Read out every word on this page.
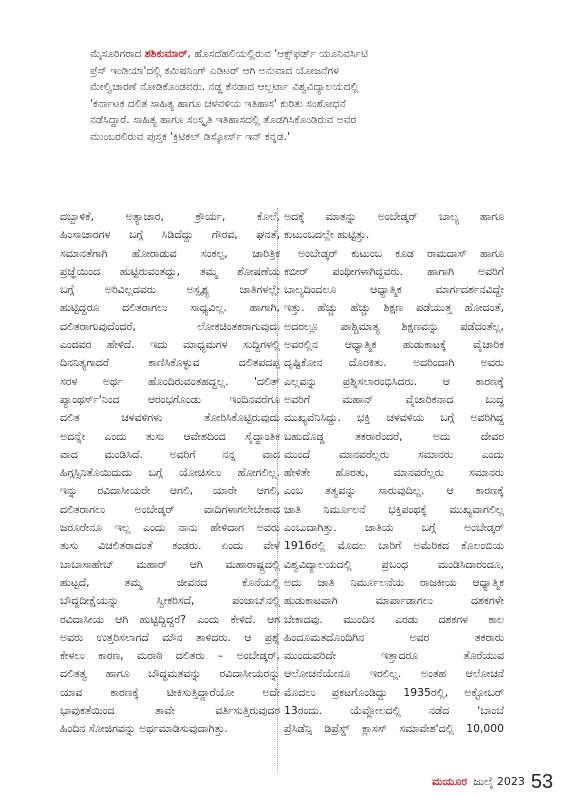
ಮೈಸೂರಿಗರಾದ ಶಶಿಕುಮಾರ್, ಹೊಸದೆಹಲಿಯಲ್ಲಿರುವ 'ಆಕ್ಸ್‌ಫರ್ಡ್ ಯೂನಿವರ್ಸಿಟಿ
ಪ್ರೆಸ್ ಇಂಡಿಯಾ'ದಲ್ಲಿ ಕಮಿಷನಿಂಗ್ ಎಡಿಟರ್ ಆಗಿ ಅನುವಾದ ಯೋಜನೆಗಳ
ಮೇಲ್ವಿಚಾರಣೆ ನೋಡಿಕೊಂಡವರು. ನಡ್ಡ ಕೆನಡಾದ ಆಲ್ಬರ್ಟಾ ವಿಶ್ವವಿದ್ಯಾಲಯದಲ್ಲಿ
'ಕರ್ನಾಟಕ ದಲಿತ ಸಾಹಿತ್ಯ ಹಾಗೂ ಚಳವಳಿಯ ಇತಿಹಾಸ' ಕುರಿತು ಸಂಶೋಧನೆ
ನಡೆಸಿದ್ದಾರೆ. ಸಾಹಿತ್ಯ ಹಾಗೂ ಸಂಸ್ಕೃತಿ ಇತಿಹಾಸದಲ್ಲಿ ತೊಡಗಿಸಿಕೊಂಡಿರುವ ಅವರ
ಮುಂಬರಲಿರುವ ಪುಸ್ತಕ 'ಕ್ರಿಟಿಕಲ್ ಡಿಸ್ಕೋರ್ಸ್ ಇನ್ ಕನ್ನಡ.'
ದಬ್ಬಾಳಿಕೆ, ಅತ್ಯಾಚಾರ, ಕ್ರೌರ್ಯ, ಕೊಲೆ,
ಹಿಂಸಾಚಾರಗಳ ಬಗ್ಗೆ ಸಿಡಿದೆದ್ದು ಗೌರವ, ಘನತೆ,
ಸಮಾನತೆಗಾಗಿ ಹೋರಾಡುವ ಸಂಕಲ್ಪ, ಚಾರಿತ್ರಿಕ
ಪ್ರಜ್ಞೆಯಿಂದ ಹುಟ್ಟಿರುವಂತದ್ದು, ತಮ್ಮ ಶೋಷಣೆಯ
ಬಗ್ಗೆ ಅರಿವಿಲ್ಲದವರು ಅಸ್ಪೃಶ್ಯ ಜಾತಿಗಳಲ್ಲೇ
ಹುಟ್ಟಿದ್ದರೂ ದಲಿತರಾಗಲು ಸಾಧ್ಯವಿಲ್ಲ. ಹಾಗಾಗಿ,
ದಲಿತರಾಗುವುದೆಂದರೆ, ಲೋಕಚಿಂತಕರಾಗುವುದು
ಎಂದವರ ಹೇಳಿದೆ. ಇದು ಮಾಧ್ಯಮಗಳ ಸುದ್ದಿಗಳಲ್ಲಿ
ದಿನನಿತ್ಯಗಾದರೆ ಕಾಣಿಸಿಕೊಳ್ಳುವ ದಲಿತಪದಪ್ಪ
ಸರಳ ಅರ್ಥ ಹೊಂದಿರುವಂತಹದ್ದಲ್ಲ. 'ದಲಿತ್
ಪ್ಯಾಂಥರ್ಸ್'ನಿಂದ ಆರಂಭಗೊಂಡು ಇಂದಿನವರೆಗೂ
ದಲಿತ ಚಳವಳಿಗಳು ತೋರಿಸಿಕೊಟ್ಟಿರುವುದು
ಅದನ್ನೇ ಎಂದು ತುಸು ಆವೇಶದಿಂದ ಸೈದ್ಧಾಂತಿಕ
ವಾದ ಮಂಡಿಸಿದೆ. ಅವರಿಗೆ ನನ್ನ ವಾದ
ಹಿಗ್ಗಸ್ಸಿನಿತೊಯಿದುದು ಬಗ್ಗೆ ಯೋಚಿಸಲು ಹೋಗಲಿಲ್ಲ.
ಇನ್ನು ರವಿದಾಸೀಯರೇ ಆಗಲಿ, ಯಾರೇ ಆಗಲಿ,
ದಲಿತರಾಗಲು ಅಂಬೇಡ್ಕರ್ ವಾದಿಗಳಾಗಲೇಬೇಕಾದ
ಜರೂರೇನೂ ಇಲ್ಲ ಎಂದು ನಾನು ಹೇಳಿದಾಗ ಅವರು
ತುಸು ವಿಚಲಿತರಾದಂತೆ ಕಂಡರು. ಏಂದು ವೇಳೆ
ಬಾಬಾಸಾಹೇಬ್ ಮಹಾರ್ ಆಗಿ ಮಹಾರಾಷ್ಟ್ರದಲ್ಲಿ
ಹುಟ್ಟದೆ, ತಮ್ಮ ಜೀವನದ ಕೊನೆಯಲ್ಲಿ
ಬೌದ್ಧದೀಕ್ಷೆಯನ್ನು ಸ್ವೀಕರಿಸದೆ, ಪಂಜಾಬ್‌ನಲ್ಲಿ
ರವಿದಾಸೀಯ ಆಗಿ ಹುಟ್ಟಿದ್ದಿದ್ದರೆ? ಎಂದು ಕೇಳಿದೆ. ಆಗ
ಅವರು ಉತ್ತರಿಸಲಾಗದೆ ಮೌನ ತಾಳಿದರು. ಆ ಪ್ರಶ್ನೆ
ಕೇಳಲು ಕಾರಣ, ಮರಾಠಿ ದಲಿತರು – ಅಂಬೇಡ್ಕರ್,
ದಲಿತತ್ವ ಹಾಗೂ ಬೌದ್ಧಮತವನ್ನು ರವಿದಾಸೀಯರನ್ನು
ಯಾವ ಕಾರಣಕ್ಕೆ ಟೀಕಿಸುತ್ತಿದ್ದಾರೆಯೋ ಅದೇ
ಭಾವುಕತೆಯಿಂದ ತಾವೇ ವರ್ತಿಸುತ್ತಿರುವುದರ
ಹಿಂದಿನ ಸೋಜಿಗವನ್ನು ಅರ್ಥಮಾಡಿಸುವುದಾಗಿತ್ತು.
ಅದಕ್ಕೆ ಮಾತನ್ನು ಅಂಬೇಡ್ಕರ್ ಬಾಲ್ಯ ಹಾಗೂ
ಕುಟುಂಬದಲ್ಲೇ ಹುಟ್ಟಿತ್ತು.
ಅಂಬೇಡ್ಕರ್ ಕುಟುಂಬ ಕೂಡ ರಾಮದಾಸ್ ಹಾಗೂ
ಕಬೀರ್ ಪಂಥೀಗಳಾಗಿದ್ದವರು. ಹಾಗಾಗಿ ಅವರಿಗೆ
ಬಾಲ್ಯದಿಂದಲೂ ಆಧ್ಯಾತ್ಮಿಕ ಮಾರ್ಗದರ್ಶನವಿದ್ದೇ
ಇತ್ತು. ಹೆಚ್ಚು ಹೆಚ್ಚು ಶಿಕ್ಷಣ ಪಡೆಯುತ್ತ ಹೋದಂತೆ,
ಅದರಲ್ಲೂ ಪಾಶ್ಚಿಮಾತ್ಯ ಶಿಕ್ಷಣವನ್ನು ಪಡೆದಂತೆಲ್ಲ,
ಅವರಲ್ಲಿನ ಆಧ್ಯಾತ್ಮಿಕ ಹುಡುಕಾಟಕ್ಕೆ ವೈಚಾರಿಕ
ದೃಷ್ಟಿಕೋನ ದೊರಕಿತು. ಅದರಿಂದಾಗಿ ಅವರು
ಎಲ್ಲವನ್ನು ಪ್ರಶ್ನಿಸಲಾರಂಭಿಸಿದರು. ಆ ಕಾರಣಕ್ಕೆ
ಅವರಿಗೆ ಮಹಾನ್ ವೈಚಾರಿಕನಾದ ಬುದ್ಧ
ಮುಖ್ಯವೆನಿಸಿದ್ದು. ಭಕ್ತಿ ಚಳವಳಿಯ ಬಗ್ಗೆ ಅವರಿಗಿದ್ದ
ಬಹುದೊಡ್ಡ ತಕರಾರೆಂದರೆ, ಅದು ದೇವರ
ಮುಂದೆ ಮಾನವರೆಲ್ಲರು ಸಮಾನರು ಎಂದು
ಹೇಳಿತೇ ಹೊರತು, ಮಾನವರೆಲ್ಲರು ಸಮಾನರು
ಎಂಬ ತತ್ವವನ್ನು ಸಾರುವುದಿಲ್ಲ. ಆ ಕಾರಣಕ್ಕೆ
ಜಾತಿ ನಿರ್ಮೂಲನೆ ಭಕ್ತಿಪಂಥಕ್ಕೆ ಮುಖ್ಯವಾಗಲಿಲ್ಲ
ಎಂಬುದಾಗಿತ್ತು. ಜಾತಿಯ ಬಗ್ಗೆ ಅಂಬೇಡ್ಕರ್
1916ರಲ್ಲಿ ಮೊದಲ ಬಾರಿಗೆ ಅಮೆರಿಕದ ಕೊಲಂಬಿಯ
ವಿಶ್ವವಿದ್ಯಾಲಯದಲ್ಲಿ ಪ್ರಬಂಧ ಮಂಡಿಸಿದಾರಂದೂ,
ಅದು ಜಾತಿ ನಿರ್ಮೂಲನೆಯ ರಾಜಕೀಯ ಆಧ್ಯಾತ್ಮಿಕ
ಹುಡುಕಾಟವಾಗಿ ಮಾರ್ಪಾಡಾಗಲು ದಶಕಗಳೇ
ಬೇಕಾದವು. ಮುಂದಿನ ಎರಡು ದಶಕಗಳ ಕಾಲ
ಹಿಂದೂಮತದೊಂದಿಗಿನ ಅವರ ತಕರಾರು
ಮುಂದುವರಿದೇ ಇತ್ತಾದರೂ ತೊರೆಯುವ
ಆಲೋಚನೆಯೇನೂ ಇರಲಿಲ್ಲ. ಅಂತಹ ಆಲೋಚನೆ
ಮೊದಲು ಪ್ರಕಟಗೊಂಡಿದ್ದು 1935ರಲ್ಲಿ, ಅಕ್ಟೋಬರ್
13ರಂದು. ಯೆವ್ಲೋಲದಲ್ಲಿ ನಡೆದ 'ಬಾಂಬೆ
ಪ್ರೆಸಿಡೆನ್ಸಿ ಡಿಪ್ರೆಸ್ಡ್ ಕ್ಲಾಸಸ್ ಸಮಾವೇಶ'ದಲ್ಲಿ 10,000
ಮಯೂರ ಜುಲೈ 2023 53
